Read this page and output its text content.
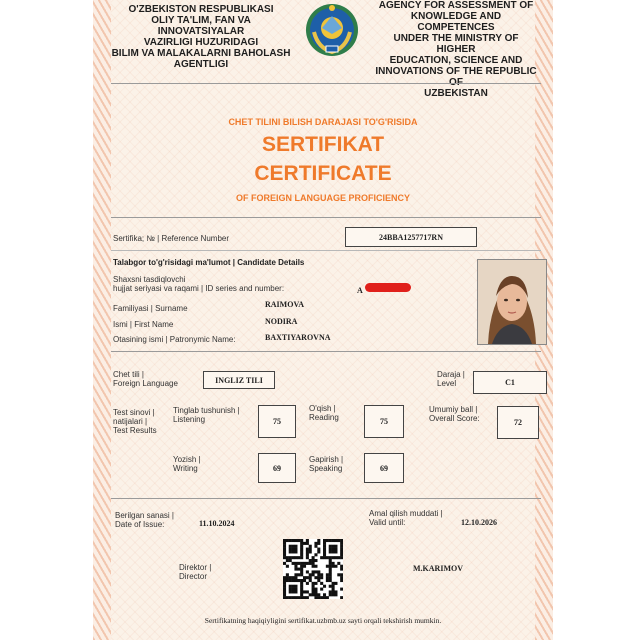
O'ZBEKISTON RESPUBLIKASI
OLIY TA'LIM, FAN VA INNOVATSIYALAR
VAZIRLIGI HUZURIDAGI
BILIM VA MALAKALARNI BAHOLASH
AGENTLIGI
AGENCY FOR ASSESSMENT OF
KNOWLEDGE AND COMPETENCES
UNDER THE MINISTRY OF HIGHER
EDUCATION, SCIENCE AND
INNOVATIONS OF THE REPUBLIC
UZBEKISTAN
CHET TILINI BILISH DARAJASI TO'G'RISIDA
SERTIFIKAT
CERTIFICATE
OF FOREIGN LANGUAGE PROFICIENCY
Sertifika; № | Reference Number	24BBA1257717RN
Talabgor to'g'risidagi ma'lumot | Candidate Details
Shaxsni tasdiqlovchi
hujjat seriyasi va raqami | ID series and number:	A
Familiyasi | Surname	RAIMOVA
Ismi | First Name	NODIRA
Otasining ismi | Patronymic Name:	BAXTIYAROVNA
Chet tili |
Foreign Language	INGLIZ TILI
Daraja |
Level	C1
Test sinovi |
natijalari |
Test Results
Tinglab tushunish |
Listening	75
O'qish |
Reading	75
Umumiy ball |
Overall Score:	72
Yozish |
Writing	69
Gapirish |
Speaking	69
Berilgan sanasi |
Date of Issue:	11.10.2024
Amal qilish muddati |
Valid until:	12.10.2026
Direktor |
Director
M.KARIMOV
Sertifikatning haqiqiyligini sertifikat.uzbmb.uz sayti orqali tekshirish mumkin.
